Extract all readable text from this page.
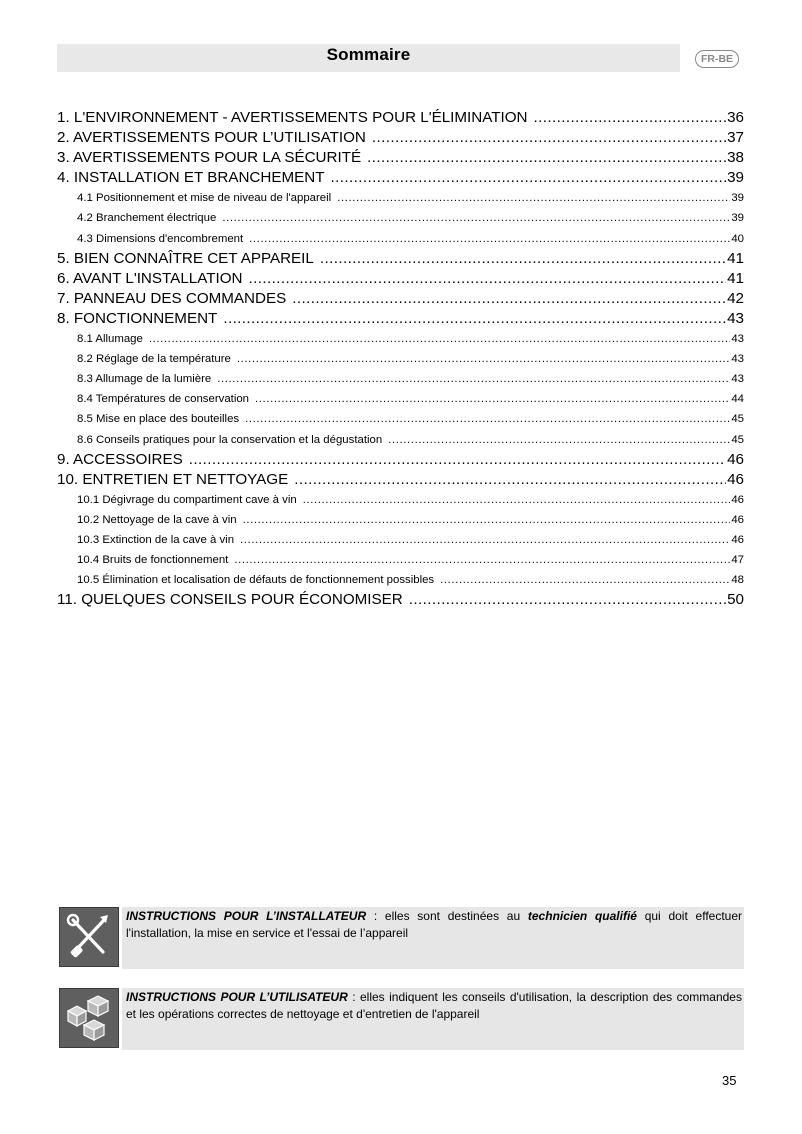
Sommaire	FR-BE
1. L'ENVIRONNEMENT - AVERTISSEMENTS POUR L'ÉLIMINATION .....	36
2. AVERTISSEMENTS POUR L’UTILISATION .....	37
3. AVERTISSEMENTS POUR LA SÉCURITÉ .....	38
4. INSTALLATION ET BRANCHEMENT .....	39
4.1 Positionnement et mise de niveau de l'appareil .....	39
4.2 Branchement électrique .....	39
4.3 Dimensions d'encombrement .....	40
5. BIEN CONNAÎTRE CET APPAREIL .....	41
6. AVANT L'INSTALLATION .....	41
7. PANNEAU DES COMMANDES .....	42
8. FONCTIONNEMENT .....	43
8.1 Allumage .....	43
8.2 Réglage de la température .....	43
8.3 Allumage de la lumière .....	43
8.4 Températures de conservation .....	44
8.5 Mise en place des bouteilles .....	45
8.6 Conseils pratiques pour la conservation et la dégustation .....	45
9. ACCESSOIRES .....	46
10. ENTRETIEN ET NETTOYAGE .....	46
10.1 Dégivrage du compartiment cave à vin .....	46
10.2 Nettoyage de la cave à vin .....	46
10.3 Extinction de la cave à vin .....	46
10.4 Bruits de fonctionnement .....	47
10.5 Élimination et localisation de défauts de fonctionnement possibles .....	48
11. QUELQUES CONSEILS POUR ÉCONOMISER .....	50
INSTRUCTIONS POUR L’INSTALLATEUR : elles sont destinées au technicien qualifié qui doit effectuer l'installation, la mise en service et l'essai de l’appareil
INSTRUCTIONS POUR L’UTILISATEUR : elles indiquent les conseils d'utilisation, la description des commandes et les opérations correctes de nettoyage et d'entretien de l'appareil
35
